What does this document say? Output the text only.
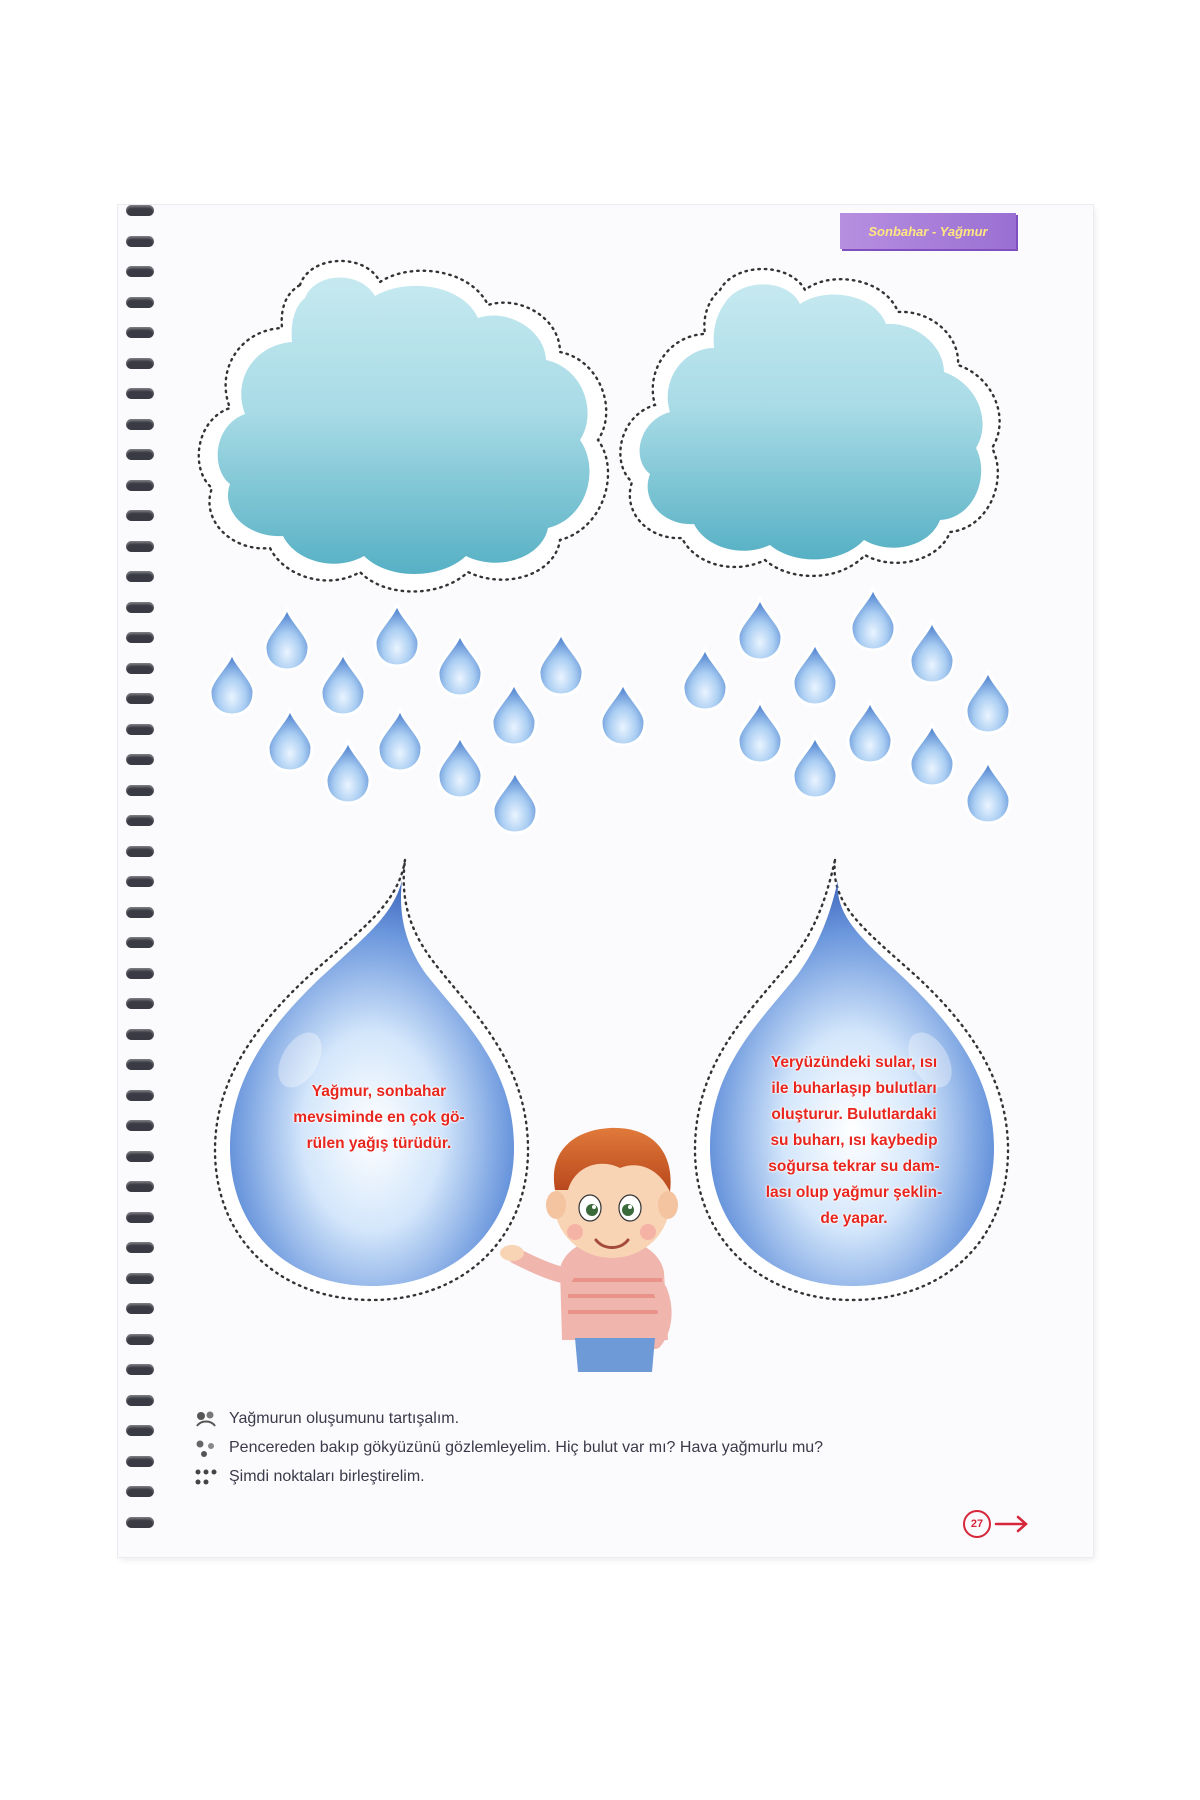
Sonbahar - Yağmur
Yağmur, sonbahar
mevsiminde en çok gö-
rülen yağış türüdür.
Yeryüzündeki sular, ısı
ile buharlaşıp bulutları
oluşturur. Bulutlardaki
su buharı, ısı kaybedip
soğursa tekrar su dam-
lası olup yağmur şeklin-
de yapar.
Yağmurun oluşumunu tartışalım.
Pencereden bakıp gökyüzünü gözlemleyelim. Hiç bulut var mı? Hava yağmurlu mu?
Şimdi noktaları birleştirelim.
27
